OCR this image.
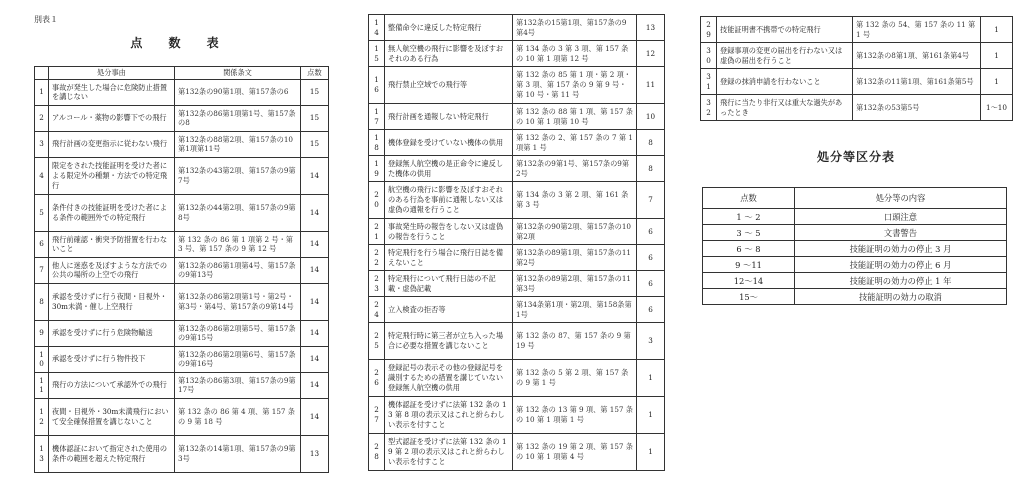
別表１
点 数 表
	処分事由	関係条文	点数
1	事故が発生した場合に危険防止措置を講じない	第132条の90第1項、第157条の6	15
2	アルコール・薬物の影響下での飛行	第132条の86第1項第1号、第157条の8	15
3	飛行計画の変更指示に従わない飛行	第132条の88第2項、第157条の10第1項第11号	15
4	限定をされた技能証明を受けた者による限定外の種類・方法での特定飛行	第132条の43第2項、第157条の9第7号	14
5	条件付きの技能証明を受けた者による条件の範囲外での特定飛行	第132条の44第2項、第157条の9第8号	14
6	飛行前確認・衝突予防措置を行わないこと	第 132 条の 86 第 1 項第 2 号・第 3 号、第 157 条の 9 第 12 号	14
7	他人に迷惑を及ぼすような方法での公共の場所の上空での飛行	第132条の86第1項第4号、第157条の9第13号	14
8	承認を受けずに行う夜間・目視外・30m未満・催し上空飛行	第132条の86第2項第1号・第2号・第3号・第4号、第157条の9第14号	14
9	承認を受けずに行う危険物輸送	第132条の86第2項第5号、第157条の9第15号	14
10	承認を受けずに行う物件投下	第132条の86第2項第6号、第157条の9第16号	14
11	飛行の方法について承認外での飛行	第132条の86第3項、第157条の9第17号	14
12	夜間・目視外・30m未満飛行において安全確保措置を講じないこと	第 132 条の 86 第 4 項、第 157 条の 9 第 18 号	14
13	機体認証において指定された使用の条件の範囲を超えた特定飛行	第132条の14第1項、第157条の9第3号	13
14	整備命令に違反した特定飛行	第132条の15第1項、第157条の9第4号	13
15	無人航空機の飛行に影響を及ぼすおそれのある行為	第 134 条の 3 第 3 項、第 157 条の 10 第 1 項第 12 号	12
16	飛行禁止空域での飛行等	第 132 条の 85 第 1 項・第 2 項・第 3 項、第 157 条の 9 第 9 号・第 10 号・第 11 号	11
17	飛行計画を通報しない特定飛行	第 132 条の 88 第 1 項、第 157 条の 10 第 1 項第 10 号	10
18	機体登録を受けていない機体の供用	第 132 条の 2、第 157 条の 7 第 1 項第 1 号	8
19	登録無人航空機の是正命令に違反した機体の供用	第132条の9第1号、第157条の9第2号	8
20	航空機の飛行に影響を及ぼすおそれのある行為を事前に通報しない又は虚偽の通報を行うこと	第 134 条の 3 第 2 項、第 161 条第 3 号	7
21	事故発生時の報告をしない又は虚偽の報告を行うこと	第132条の90第2項、第157条の10第2項	6
22	特定飛行を行う場合に飛行日誌を備えないこと	第132条の89第1項、第157条の11第2号	6
23	特定飛行について飛行日誌の不記載・虚偽記載	第132条の89第2項、第157条の11第3号	6
24	立入検査の拒否等	第134条第1項・第2項、第158条第1号	6
25	特定飛行時に第三者が立ち入った場合に必要な措置を講じないこと	第 132 条の 87、第 157 条の 9 第 19 号	3
26	登録記号の表示その他の登録記号を識別するための措置を講じていない登録無人航空機の供用	第 132 条の 5 第 2 項、第 157 条の 9 第 1 号	1
27	機体認証を受けずに法第 132 条の 13 第 8 項の表示又はこれと紛らわしい表示を付すこと	第 132 条の 13 第 9 項、第 157 条の 10 第 1 項第 1 号	1
28	型式認証を受けずに法第 132 条の 19 第 2 項の表示又はこれと紛らわしい表示を付すこと	第 132 条の 19 第 2 項、第 157 条の 10 第 1 項第 4 号	1
29	技能証明書不携帯での特定飛行	第 132 条の 54、第 157 条の 11 第 1 号	1
30	登録事項の変更の届出を行わない又は虚偽の届出を行うこと	第132条の8第1項、第161条第4号	1
31	登録の抹消申請を行わないこと	第132条の11第1項、第161条第5号	1
32	飛行に当たり非行又は重大な過失があったとき	第132条の53第5号	1～10
処分等区分表
点数	処分等の内容
1 ～ 2	口頭注意
3 ～ 5	文書警告
6 ～ 8	技能証明の効力の停止 3 月
9 ～11	技能証明の効力の停止 6 月
12～14	技能証明の効力の停止 1 年
15～	技能証明の効力の取消
